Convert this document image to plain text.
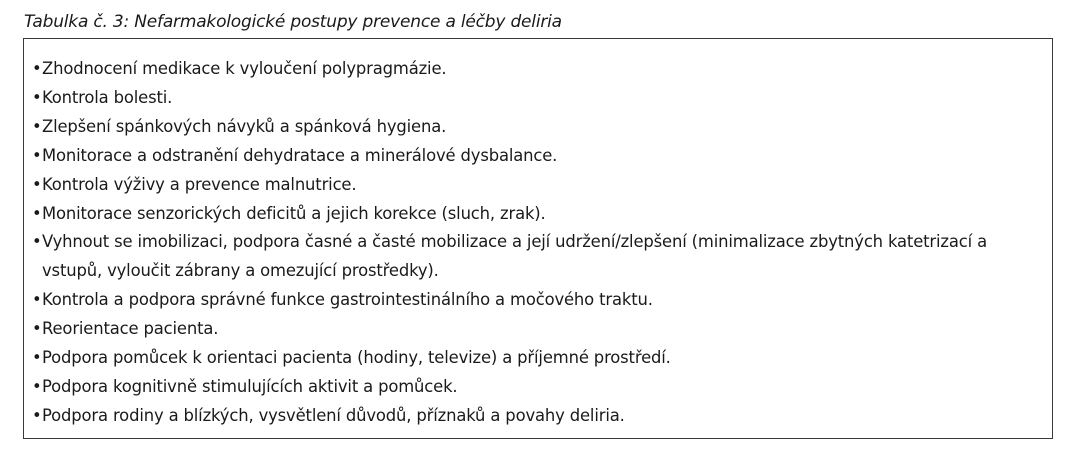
Tabulka č. 3: Nefarmakologické postupy prevence a léčby deliria
• Zhodnocení medikace k vyloučení polypragmázie.
• Kontrola bolesti.
• Zlepšení spánkových návyků a spánková hygiena.
• Monitorace a odstranění dehydratace a minerálové dysbalance.
• Kontrola výživy a prevence malnutrice.
• Monitorace senzorických deficitů a jejich korekce (sluch, zrak).
• Vyhnout se imobilizaci, podpora časné a časté mobilizace a její udržení/zlepšení (minimalizace zbytných katetrizací a vstupů, vyloučit zábrany a omezující prostředky).
• Kontrola a podpora správné funkce gastrointestinálního a močového traktu.
• Reorientace pacienta.
• Podpora pomůcek k orientaci pacienta (hodiny, televize) a příjemné prostředí.
• Podpora kognitivně stimulujících aktivit a pomůcek.
• Podpora rodiny a blízkých, vysvětlení důvodů, příznaků a povahy deliria.
